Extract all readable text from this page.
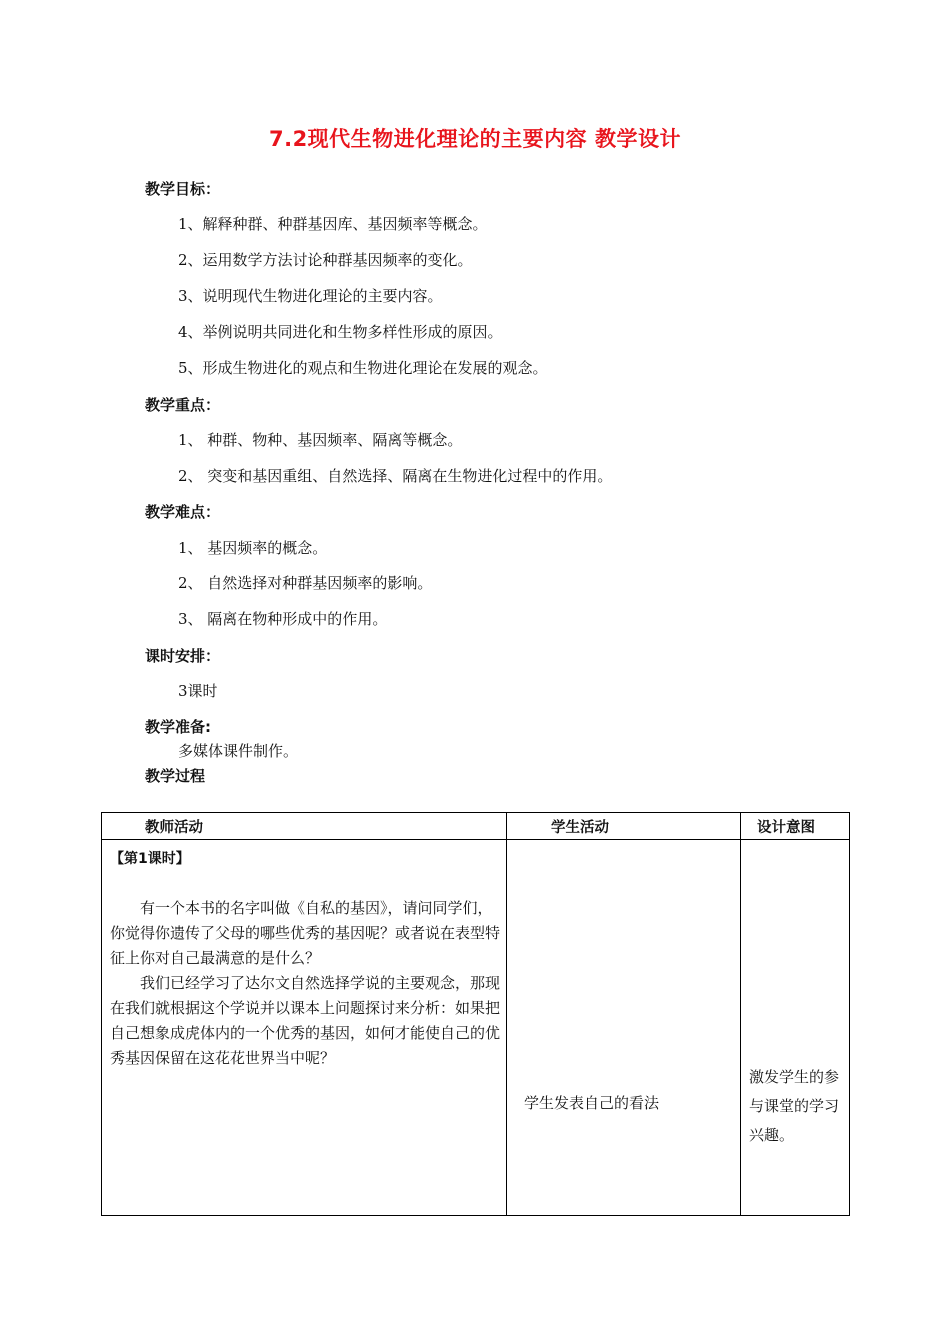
7.2现代生物进化理论的主要内容 教学设计
教学目标：
1、解释种群、种群基因库、基因频率等概念。
2、运用数学方法讨论种群基因频率的变化。
3、说明现代生物进化理论的主要内容。
4、举例说明共同进化和生物多样性形成的原因。
5、形成生物进化的观点和生物进化理论在发展的观念。
教学重点：
1、 种群、物种、基因频率、隔离等概念。
2、 突变和基因重组、自然选择、隔离在生物进化过程中的作用。
教学难点：
1、 基因频率的概念。
2、 自然选择对种群基因频率的影响。
3、 隔离在物种形成中的作用。
课时安排：
3课时
教学准备:
多媒体课件制作。
教学过程
教师活动	学生活动	设计意图

【第1课时】

有一个本书的名字叫做《自私的基因》，请问同学们，你觉得你遗传了父母的哪些优秀的基因呢？或者说在表型特征上你对自己最满意的是什么？

我们已经学习了达尔文自然选择学说的主要观念，那现在我们就根据这个学说并以课本上问题探讨来分析：如果把自己想象成虎体内的一个优秀的基因，如何才能使自己的优秀基因保留在这花花世界当中呢？	学生发表自己的看法	激发学生的参与课堂的学习兴趣。
